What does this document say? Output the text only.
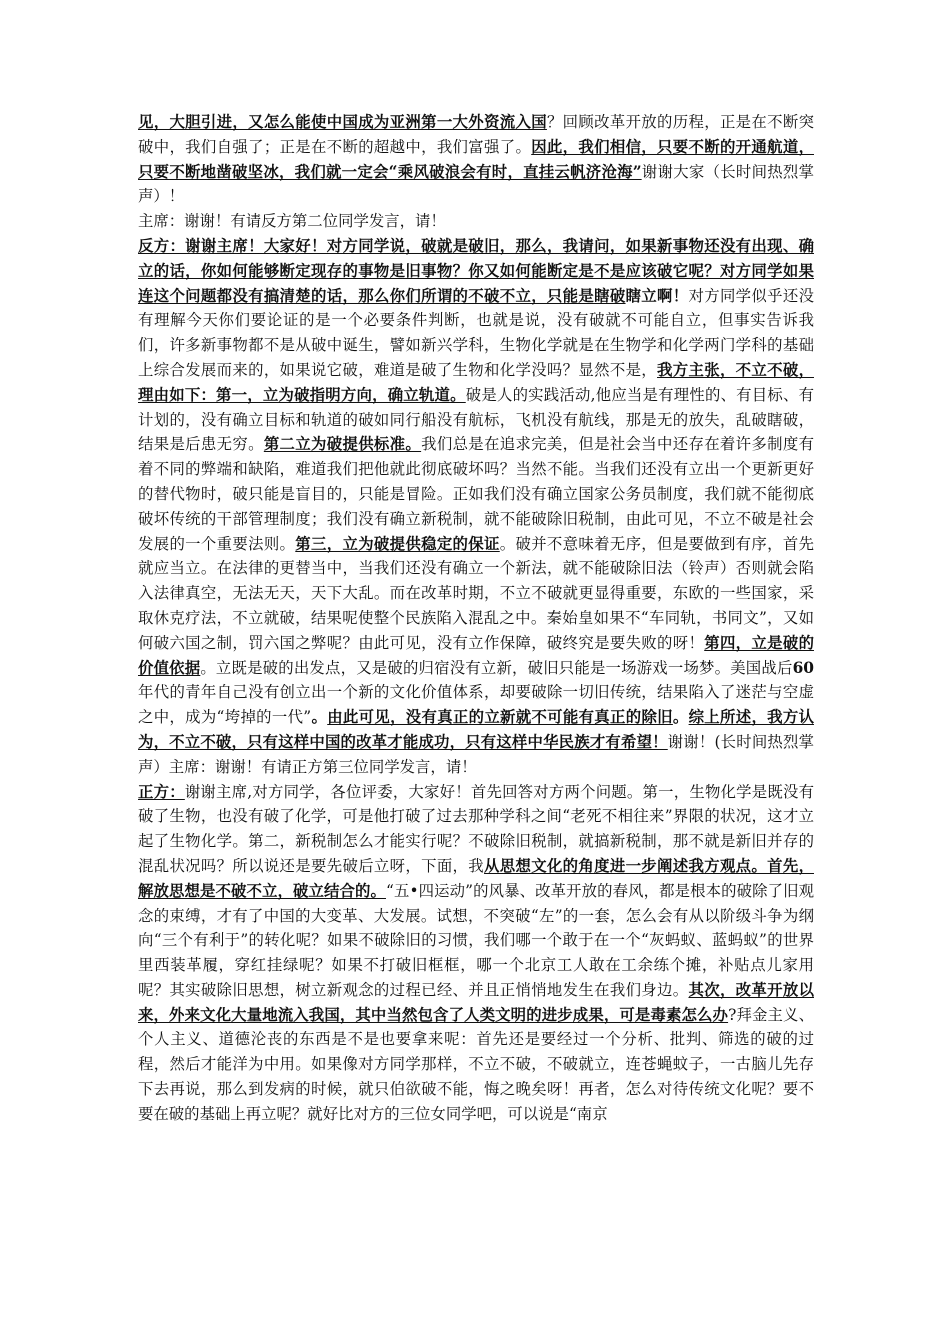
见，大胆引进，又怎么能使中国成为亚洲第一大外资流入国？回顾改革开放的历程，正是在不断突破中，我们自强了；正是在不断的超越中，我们富强了。因此，我们相信，只要不断的开通航道，只要不断地凿破坚冰，我们就一定会“乘风破浪会有时，直挂云帆济沧海”谢谢大家（长时间热烈掌声）！

主席：谢谢！有请反方第二位同学发言，请！

反方：谢谢主席！大家好！对方同学说，破就是破旧，那么，我请问，如果新事物还没有出现、确立的话，你如何能够断定现存的事物是旧事物？你又如何能断定是不是应该破它呢？对方同学如果连这个问题都没有搞清楚的话，那么你们所谓的不破不立，只能是瞎破瞎立啊！对方同学似乎还没有理解今天你们要论证的是一个必要条件判断，也就是说，没有破就不可能自立，但事实告诉我们，许多新事物都不是从破中诞生，譬如新兴学科，生物化学就是在生物学和化学两门学科的基础上综合发展而来的，如果说它破，难道是破了生物和化学没吗？显然不是，我方主张，不立不破，理由如下：第一，立为破指明方向，确立轨道。破是人的实践活动,他应当是有理性的、有目标、有计划的，没有确立目标和轨道的破如同行船没有航标，飞机没有航线，那是无的放失，乱破瞎破，结果是后患无穷。第二立为破提供标准。我们总是在追求完美，但是社会当中还存在着许多制度有着不同的弊端和缺陷，难道我们把他就此彻底破坏吗？当然不能。当我们还没有立出一个更新更好的替代物时，破只能是盲目的，只能是冒险。正如我们没有确立国家公务员制度，我们就不能彻底破坏传统的干部管理制度；我们没有确立新税制，就不能破除旧税制，由此可见，不立不破是社会发展的一个重要法则。第三，立为破提供稳定的保证。破并不意味着无序，但是要做到有序，首先就应当立。在法律的更替当中，当我们还没有确立一个新法，就不能破除旧法（铃声）否则就会陷入法律真空，无法无天，天下大乱。而在改革时期，不立不破就更显得重要，东欧的一些国家，采取休克疗法，不立就破，结果呢使整个民族陷入混乱之中。秦始皇如果不“车同轨，书同文”，又如何破六国之制，罚六国之弊呢？由此可见，没有立作保障，破终究是要失败的呀！第四，立是破的价值依据。立既是破的出发点，又是破的归宿没有立新，破旧只能是一场游戏一场梦。美国战后60年代的青年自己没有创立出一个新的文化价值体系，却要破除一切旧传统，结果陷入了迷茫与空虚之中，成为“垮掉的一代”。由此可见，没有真正的立新就不可能有真正的除旧。综上所述，我方认为，不立不破，只有这样中国的改革才能成功，只有这样中华民族才有希望！谢谢！(长时间热烈掌声）主席：谢谢！有请正方第三位同学发言，请！

正方：谢谢主席,对方同学，各位评委，大家好！首先回答对方两个问题。第一，生物化学是既没有破了生物，也没有破了化学，可是他打破了过去那种学科之间“老死不相往来”界限的状况，这才立起了生物化学。第二，新税制怎么才能实行呢？不破除旧税制，就搞新税制，那不就是新旧并存的混乱状况吗？所以说还是要先破后立呀，下面，我从思想文化的角度进一步阐述我方观点。首先，解放思想是不破不立，破立结合的。“五•四运动”的风暴、改革开放的春风，都是根本的破除了旧观念的束缚，才有了中国的大变革、大发展。试想，不突破“左”的一套，怎么会有从以阶级斗争为纲向“三个有利于”的转化呢？如果不破除旧的习惯，我们哪一个敢于在一个“灰蚂蚁、蓝蚂蚁”的世界里西装革履，穿红挂绿呢？如果不打破旧框框，哪一个北京工人敢在工余练个摊，补贴点儿家用呢？其实破除旧思想，树立新观念的过程已经、并且正悄悄地发生在我们身边。其次，改革开放以来，外来文化大量地流入我国，其中当然包含了人类文明的进步成果，可是毒素怎么办?拜金主义、个人主义、道德沦丧的东西是不是也要拿来呢：首先还是要经过一个分析、批判、筛选的破的过程，然后才能洋为中用。如果像对方同学那样，不立不破，不破就立，连苍蝇蚊子，一古脑儿先存下去再说，那么到发病的时候，就只伯欲破不能，悔之晚矣呀！再者，怎么对待传统文化呢？要不要在破的基础上再立呢？就好比对方的三位女同学吧，可以说是“南京
